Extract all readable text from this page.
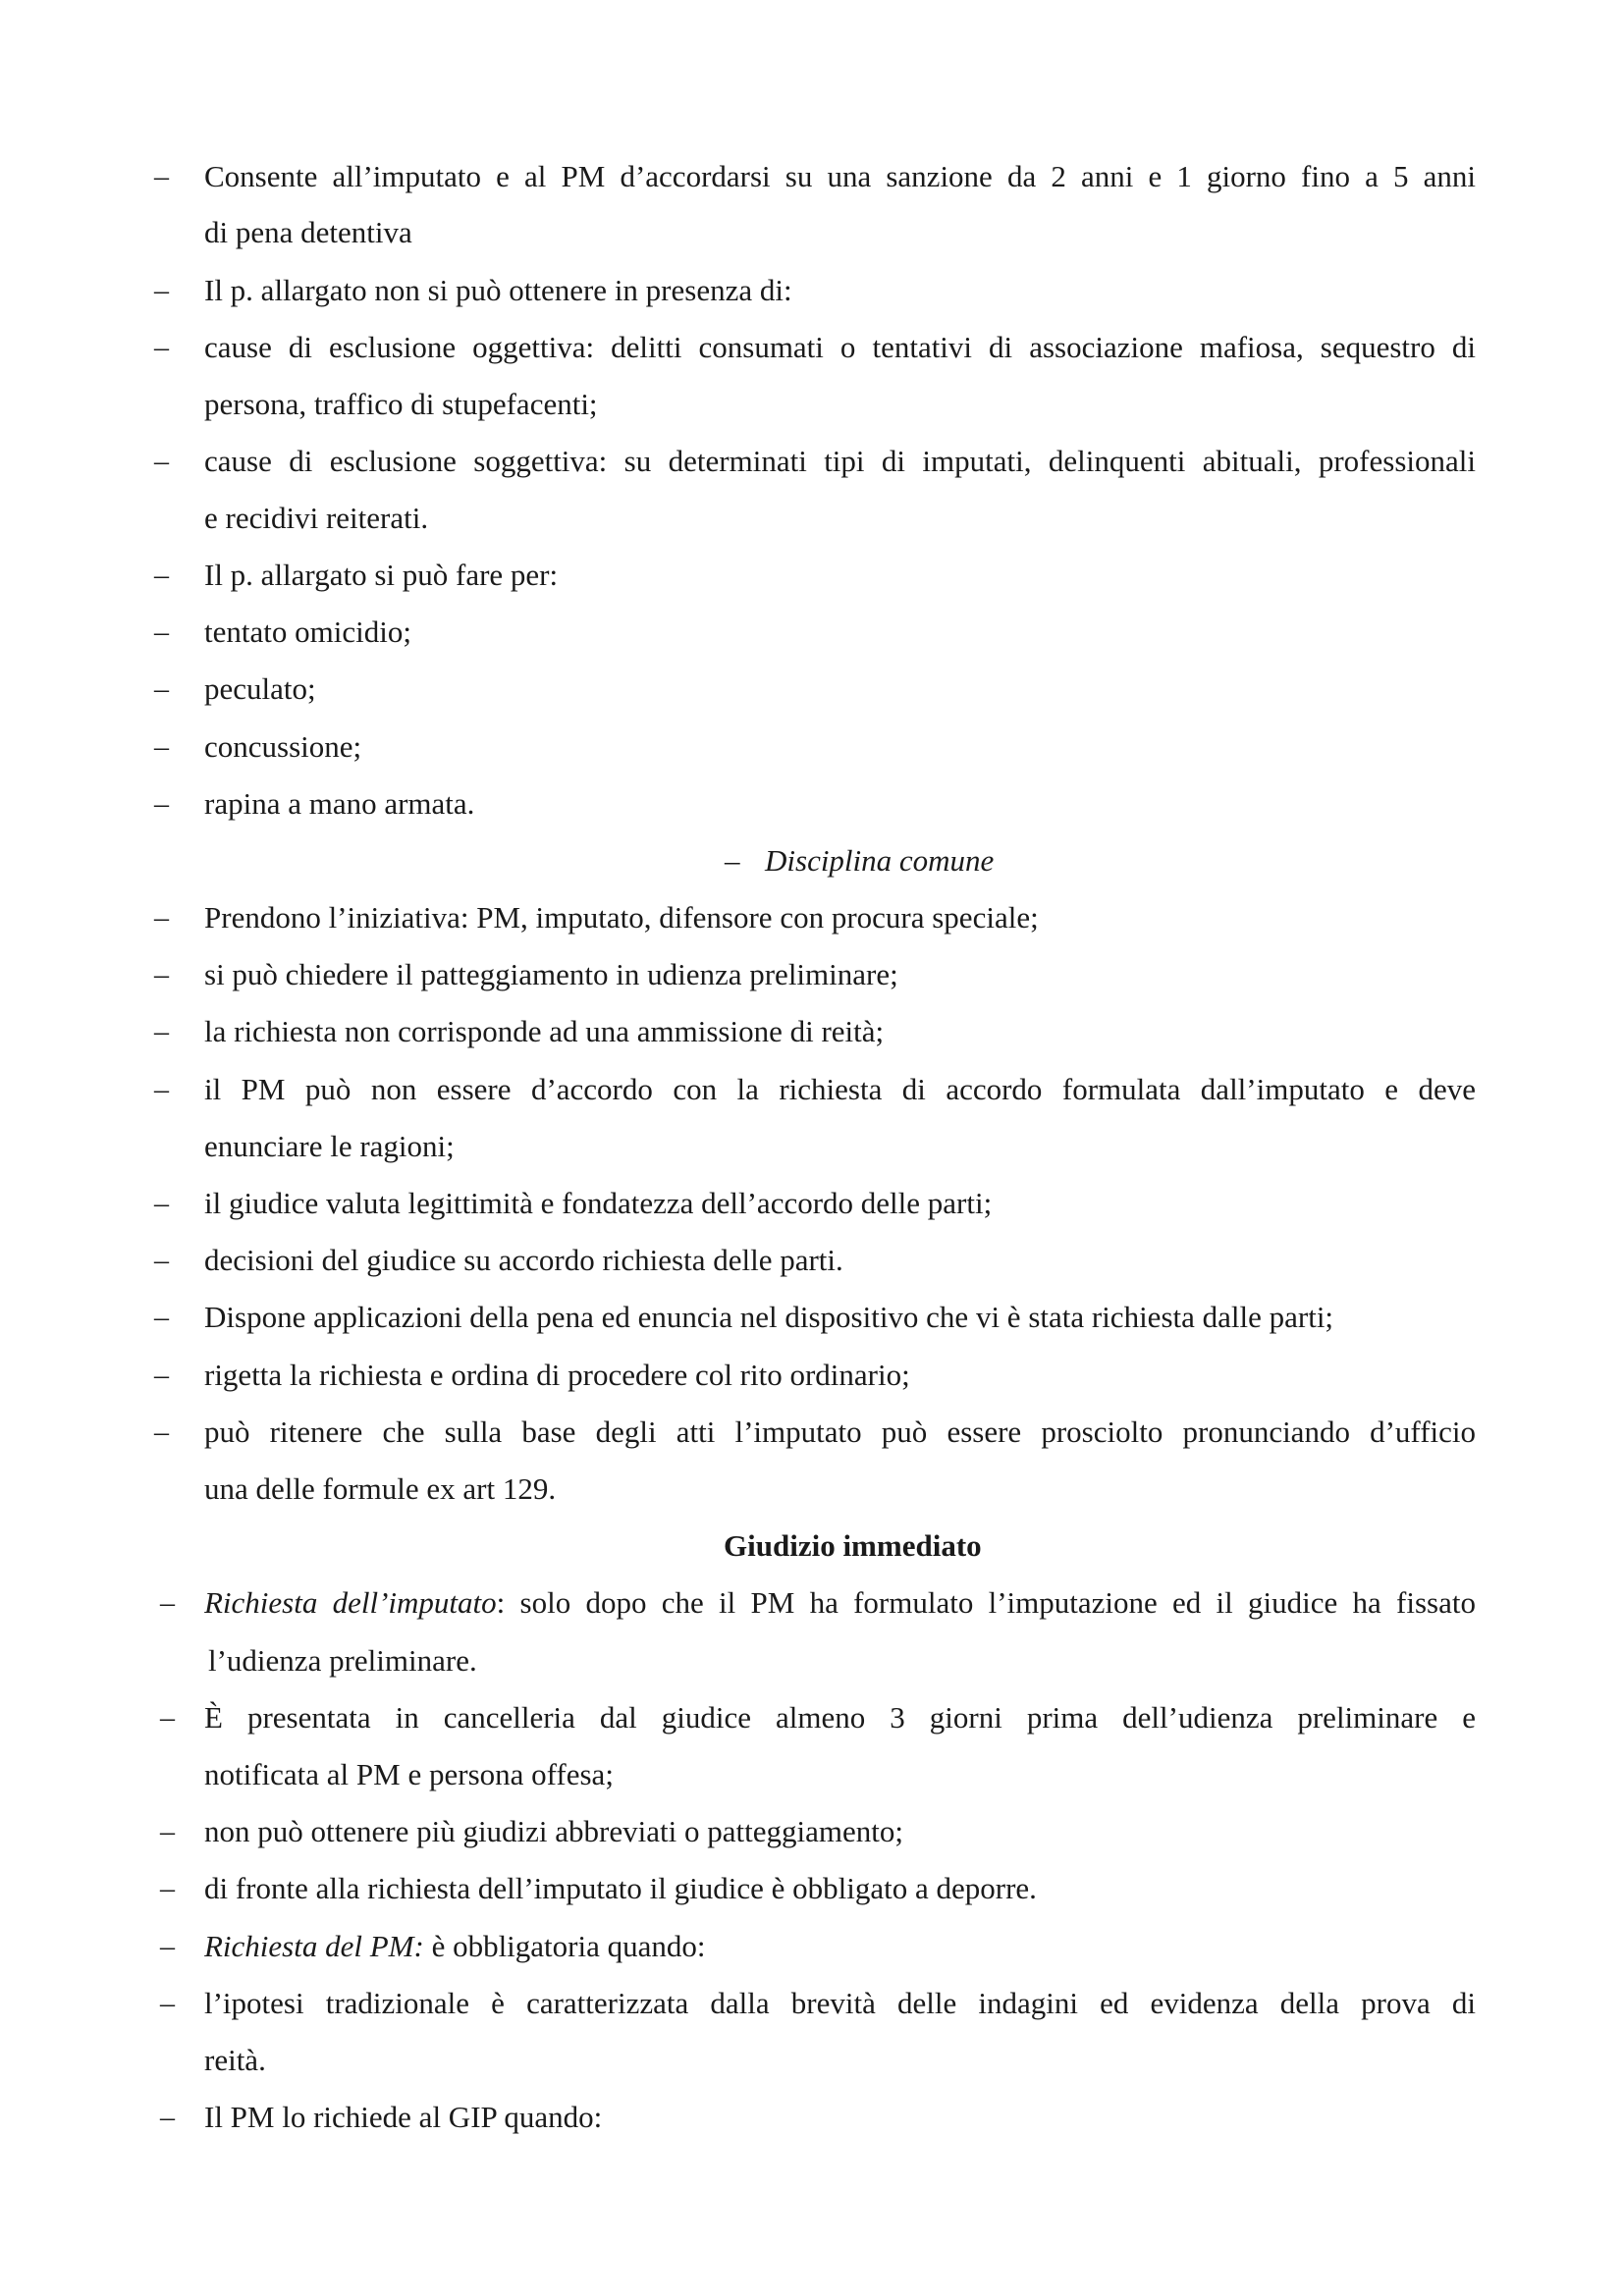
– Consente all’imputato e al PM d’accordarsi su una sanzione da 2 anni e 1 giorno fino a 5 anni
di pena detentiva
– Il p. allargato non si può ottenere in presenza di:
– cause di esclusione oggettiva: delitti consumati o tentativi di associazione mafiosa, sequestro di
persona, traffico di stupefacenti;
– cause di esclusione soggettiva: su determinati tipi di imputati, delinquenti abituali, professionali
e recidivi reiterati.
– Il p. allargato si può fare per:
– tentato omicidio;
– peculato;
– concussione;
– rapina a mano armata.
– Disciplina comune
– Prendono l’iniziativa: PM, imputato, difensore con procura speciale;
– si può chiedere il patteggiamento in udienza preliminare;
– la richiesta non corrisponde ad una ammissione di reità;
– il PM può non essere d’accordo con la richiesta di accordo formulata dall’imputato e deve
enunciare le ragioni;
– il giudice valuta legittimità e fondatezza dell’accordo delle parti;
– decisioni del giudice su accordo richiesta delle parti.
– Dispone applicazioni della pena ed enuncia nel dispositivo che vi è stata richiesta dalle parti;
– rigetta la richiesta e ordina di procedere col rito ordinario;
– può ritenere che sulla base degli atti l’imputato può essere prosciolto pronunciando d’ufficio
una delle formule ex art 129.
Giudizio immediato
– Richiesta dell’imputato: solo dopo che il PM ha formulato l’imputazione ed il giudice ha fissato
l’udienza preliminare.
– È presentata in cancelleria dal giudice almeno 3 giorni prima dell’udienza preliminare e
notificata al PM e persona offesa;
– non può ottenere più giudizi abbreviati o patteggiamento;
– di fronte alla richiesta dell’imputato il giudice è obbligato a deporre.
– Richiesta del PM: è obbligatoria quando:
– l’ipotesi tradizionale è caratterizzata dalla brevità delle indagini ed evidenza della prova di
reità.
– Il PM lo richiede al GIP quando:
